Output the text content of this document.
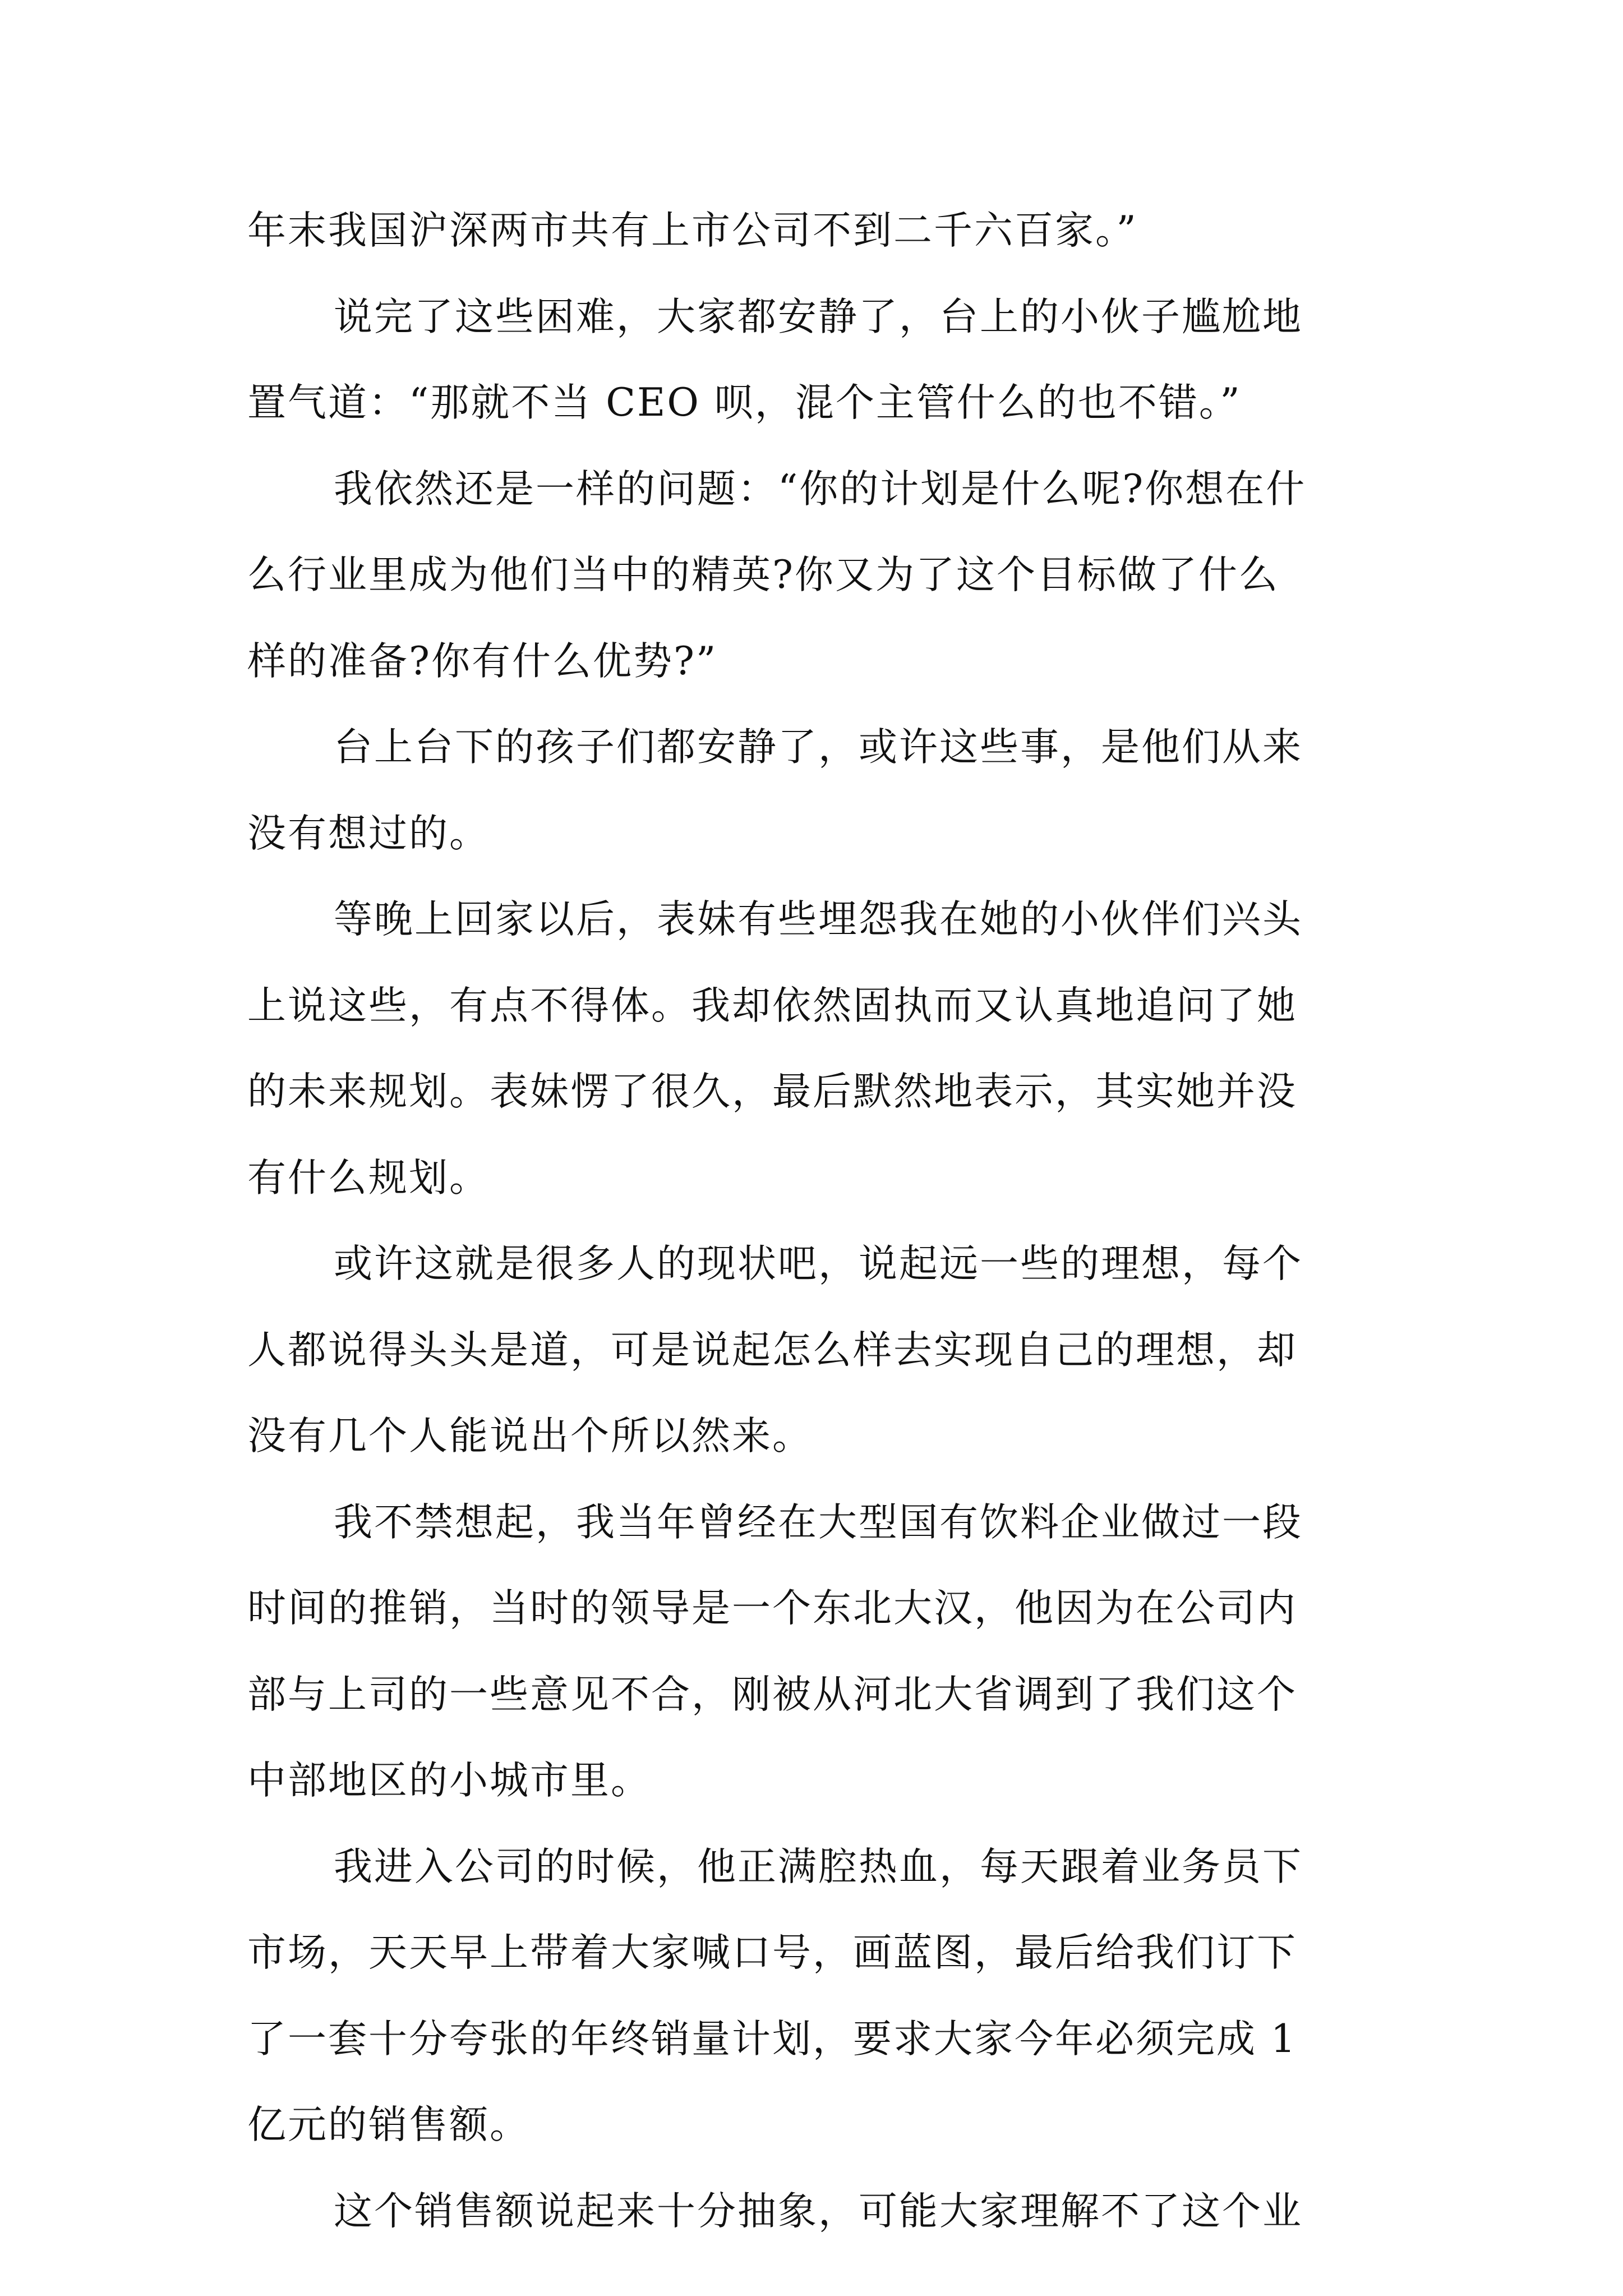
年末我国沪深两市共有上市公司不到二千六百家。”
说完了这些困难，大家都安静了，台上的小伙子尴尬地
置气道：“那就不当 CEO 呗，混个主管什么的也不错。”
我依然还是一样的问题：“你的计划是什么呢?你想在什
么行业里成为他们当中的精英?你又为了这个目标做了什么
样的准备?你有什么优势?”
台上台下的孩子们都安静了，或许这些事，是他们从来
没有想过的。
等晚上回家以后，表妹有些埋怨我在她的小伙伴们兴头
上说这些，有点不得体。我却依然固执而又认真地追问了她
的未来规划。表妹愣了很久，最后默然地表示，其实她并没
有什么规划。
或许这就是很多人的现状吧，说起远一些的理想，每个
人都说得头头是道，可是说起怎么样去实现自己的理想，却
没有几个人能说出个所以然来。
我不禁想起，我当年曾经在大型国有饮料企业做过一段
时间的推销，当时的领导是一个东北大汉，他因为在公司内
部与上司的一些意见不合，刚被从河北大省调到了我们这个
中部地区的小城市里。
我进入公司的时候，他正满腔热血，每天跟着业务员下
市场，天天早上带着大家喊口号，画蓝图，最后给我们订下
了一套十分夸张的年终销量计划，要求大家今年必须完成 1
亿元的销售额。
这个销售额说起来十分抽象，可能大家理解不了这个业
